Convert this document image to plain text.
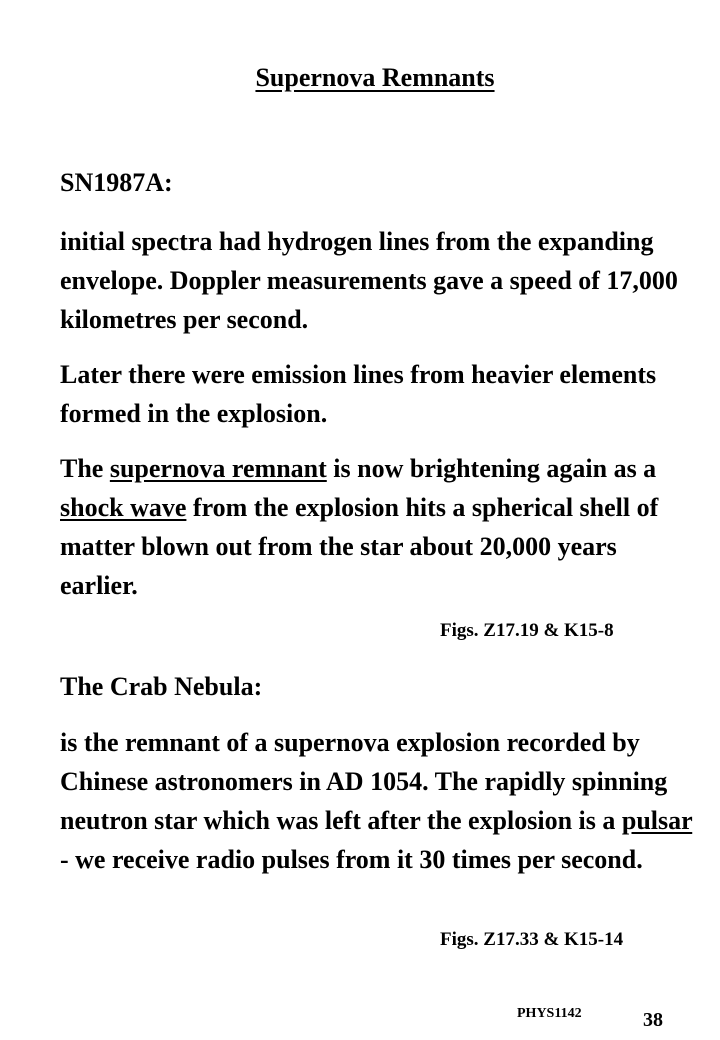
Supernova Remnants

SN1987A:

initial spectra had hydrogen lines from the expanding envelope. Doppler measurements gave a speed of 17,000 kilometres per second.

Later there were emission lines from heavier elements formed in the explosion.

The supernova remnant is now brightening again as a shock wave from the explosion hits a spherical shell of matter blown out from the star about 20,000 years earlier.

Figs. Z17.19 & K15-8

The Crab Nebula:

is the remnant of a supernova explosion recorded by Chinese astronomers in AD 1054. The rapidly spinning neutron star which was left after the explosion is a pulsar - we receive radio pulses from it 30 times per second.

Figs. Z17.33 & K15-14
PHYS1142	38
